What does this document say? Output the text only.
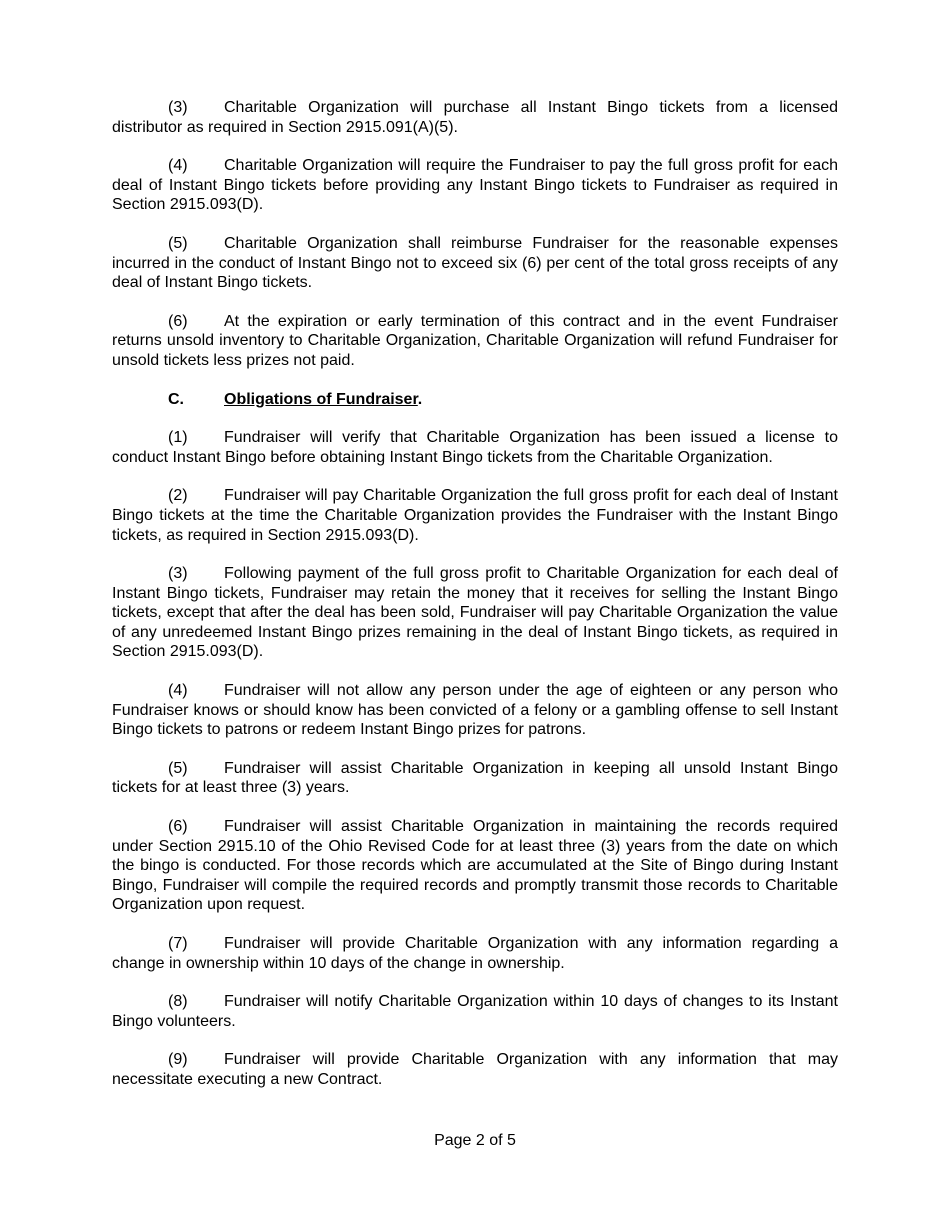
(3) Charitable Organization will purchase all Instant Bingo tickets from a licensed distributor as required in Section 2915.091(A)(5).

(4) Charitable Organization will require the Fundraiser to pay the full gross profit for each deal of Instant Bingo tickets before providing any Instant Bingo tickets to Fundraiser as required in Section 2915.093(D).

(5) Charitable Organization shall reimburse Fundraiser for the reasonable expenses incurred in the conduct of Instant Bingo not to exceed six (6) per cent of the total gross receipts of any deal of Instant Bingo tickets.

(6) At the expiration or early termination of this contract and in the event Fundraiser returns unsold inventory to Charitable Organization, Charitable Organization will refund Fundraiser for unsold tickets less prizes not paid.

C.	Obligations of Fundraiser.

(1) Fundraiser will verify that Charitable Organization has been issued a license to conduct Instant Bingo before obtaining Instant Bingo tickets from the Charitable Organization.

(2) Fundraiser will pay Charitable Organization the full gross profit for each deal of Instant Bingo tickets at the time the Charitable Organization provides the Fundraiser with the Instant Bingo tickets, as required in Section 2915.093(D).

(3) Following payment of the full gross profit to Charitable Organization for each deal of Instant Bingo tickets, Fundraiser may retain the money that it receives for selling the Instant Bingo tickets, except that after the deal has been sold, Fundraiser will pay Charitable Organization the value of any unredeemed Instant Bingo prizes remaining in the deal of Instant Bingo tickets, as required in Section 2915.093(D).

(4) Fundraiser will not allow any person under the age of eighteen or any person who Fundraiser knows or should know has been convicted of a felony or a gambling offense to sell Instant Bingo tickets to patrons or redeem Instant Bingo prizes for patrons.

(5) Fundraiser will assist Charitable Organization in keeping all unsold Instant Bingo tickets for at least three (3) years.

(6) Fundraiser will assist Charitable Organization in maintaining the records required under Section 2915.10 of the Ohio Revised Code for at least three (3) years from the date on which the bingo is conducted. For those records which are accumulated at the Site of Bingo during Instant Bingo, Fundraiser will compile the required records and promptly transmit those records to Charitable Organization upon request.

(7) Fundraiser will provide Charitable Organization with any information regarding a change in ownership within 10 days of the change in ownership.

(8) Fundraiser will notify Charitable Organization within 10 days of changes to its Instant Bingo volunteers.

(9) Fundraiser will provide Charitable Organization with any information that may necessitate executing a new Contract.

Page 2 of 5
